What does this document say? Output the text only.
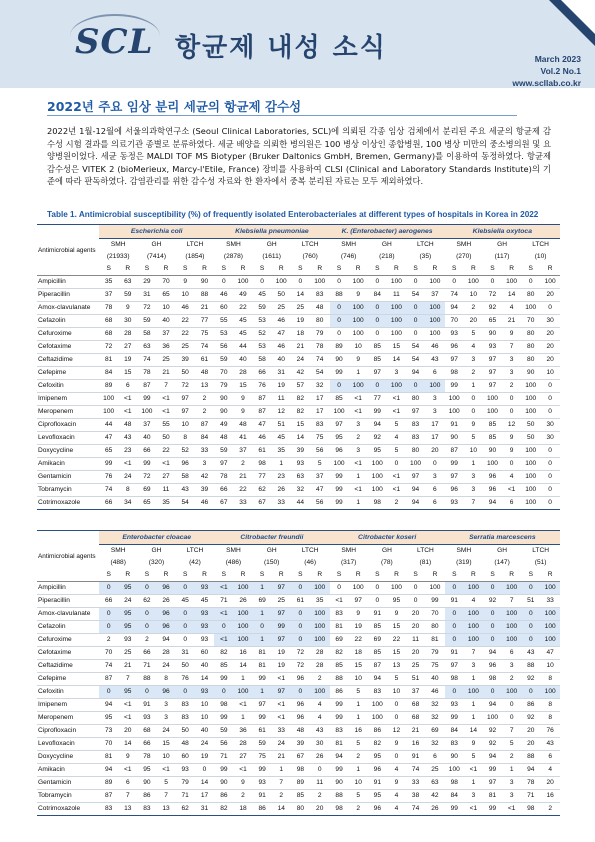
SCL 항균제 내성 소식	March 2023
Vol.2 No.1
www.scllab.co.kr
2022년 주요 임상 분리 세균의 항균제 감수성
2022년 1월-12월에 서울의과학연구소 (Seoul Clinical Laboratories, SCL)에 의뢰된 각종 임상 검체에서 분리된 주요 세균의 항균제 감수성 시험 결과를 의료기관 종별로 분류하였다. 세균 배양을 의뢰한 병의원은 100 병상 이상인 종합병원, 100 병상 미만의 중소병의원 및 요양병원이었다. 세균 동정은 MALDI TOF MS Biotyper (Bruker Daltonics GmbH, Bremen, Germany)를 이용하여 동정하였다. 항균제 감수성은 VITEK 2 (bioMerieux, Marcy-l'Etile, France) 장비를 사용하여 CLSI (Clinical and Laboratory Standards Institute)의 기준에 따라 판독하였다. 감염관리를 위한 감수성 자료와 한 환자에서 중복 분리된 자료는 모두 제외하였다.
Table 1. Antimicrobial susceptibility (%) of frequently isolated Enterobacteriales at different types of hospitals in Korea in 2022
Antimicrobial agents	Escherichia coli						Klebsiella pneumoniae						K. (Enterobacter) aerogenes						Klebsiella oxytoca					
	SMH		GH		LTCH		SMH		GH		LTCH		SMH		GH		LTCH		SMH		GH		LTCH	
	(21933)		(7414)		(1854)		(2878)		(1611)		(760)		(746)		(218)		(35)		(270)		(117)		(10)	
	S	R	S	R	S	R	S	R	S	R	S	R	S	R	S	R	S	R	S	R	S	R	S	R
Ampicillin	35	63	29	70	9	90	0	100	0	100	0	100	0	100	0	100	0	100	0	100	0	100	0	100
Piperacillin	37	59	31	65	10	88	46	49	45	50	14	83	88	9	84	11	54	37	74	10	72	14	80	20
Amox-clavulanate	78	9	72	10	46	21	60	22	59	25	25	48	0	100	0	100	0	100	94	2	92	4	100	0
Cefazolin	68	30	59	40	22	77	55	45	53	46	19	80	0	100	0	100	0	100	70	20	65	21	70	30
Cefuroxime	68	28	58	37	22	75	53	45	52	47	18	79	0	100	0	100	0	100	93	5	90	9	80	20
Cefotaxime	72	27	63	36	25	74	56	44	53	46	21	78	89	10	85	15	54	46	96	4	93	7	80	20
Ceftazidime	81	19	74	25	39	61	59	40	58	40	24	74	90	9	85	14	54	43	97	3	97	3	80	20
Cefepime	84	15	78	21	50	48	70	28	66	31	42	54	99	1	97	3	94	6	98	2	97	3	90	10
Cefoxitin	89	6	87	7	72	13	79	15	76	19	57	32	0	100	0	100	0	100	99	1	97	2	100	0
Imipenem	100	<1	99	<1	97	2	90	9	87	11	82	17	85	<1	77	<1	80	3	100	0	100	0	100	0
Meropenem	100	<1	100	<1	97	2	90	9	87	12	82	17	100	<1	99	<1	97	3	100	0	100	0	100	0
Ciprofloxacin	44	48	37	55	10	87	49	48	47	51	15	83	97	3	94	5	83	17	91	9	85	12	50	30
Levofloxacin	47	43	40	50	8	84	48	41	46	45	14	75	95	2	92	4	83	17	90	5	85	9	50	30
Doxycycline	65	23	66	22	52	33	59	37	61	35	39	56	96	3	95	5	80	20	87	10	90	9	100	0
Amikacin	99	<1	99	<1	96	3	97	2	98	1	93	5	100	<1	100	0	100	0	99	1	100	0	100	0
Gentamicin	76	24	72	27	58	42	78	21	77	23	63	37	99	1	100	<1	97	3	97	3	96	4	100	0
Tobramycin	74	8	69	11	43	39	66	22	62	26	32	47	99	<1	100	<1	94	6	96	3	96	<1	100	0
Cotrimoxazole	66	34	65	35	54	46	67	33	67	33	44	56	99	1	98	2	94	6	93	7	94	6	100	0
Antimicrobial agents	Enterobacter cloacae						Citrobacter freundii						Citrobacter koseri						Serratia marcescens					
	SMH		GH		LTCH		SMH		GH		LTCH		SMH		GH		LTCH		SMH		GH		LTCH	
	(488)		(320)		(42)		(486)		(150)		(46)		(317)		(78)		(81)		(319)		(147)		(51)	
	S	R	S	R	S	R	S	R	S	R	S	R	S	R	S	R	S	R	S	R	S	R	S	R
Ampicillin	0	95	0	96	0	93	<1	100	1	97	0	100	0	100	0	100	0	100	0	100	0	100	0	100
Piperacillin	66	24	62	26	45	45	71	26	69	25	61	35	<1	97	0	95	0	99	91	4	92	7	51	33
Amox-clavulanate	0	95	0	96	0	93	<1	100	1	97	0	100	83	9	91	9	20	70	0	100	0	100	0	100
Cefazolin	0	95	0	96	0	93	0	100	0	99	0	100	81	19	85	15	20	80	0	100	0	100	0	100
Cefuroxime	2	93	2	94	0	93	<1	100	1	97	0	100	69	22	69	22	11	81	0	100	0	100	0	100
Cefotaxime	70	25	66	28	31	60	82	16	81	19	72	28	82	18	85	15	20	79	91	7	94	6	43	47
Ceftazidime	74	21	71	24	50	40	85	14	81	19	72	28	85	15	87	13	25	75	97	3	96	3	88	10
Cefepime	87	7	88	8	76	14	99	1	99	<1	96	2	88	10	94	5	51	40	98	1	98	2	92	8
Cefoxitin	0	95	0	96	0	93	0	100	1	97	0	100	86	5	83	10	37	46	0	100	0	100	0	100
Imipenem	94	<1	91	3	83	10	98	<1	97	<1	96	4	99	1	100	0	68	32	93	1	94	0	86	8
Meropenem	95	<1	93	3	83	10	99	1	99	<1	96	4	99	1	100	0	68	32	99	1	100	0	92	8
Ciprofloxacin	73	20	68	24	50	40	59	36	61	33	48	43	83	16	86	12	21	69	84	14	92	7	20	76
Levofloxacin	70	14	66	15	48	24	56	28	59	24	39	30	81	5	82	9	16	32	83	9	92	5	20	43
Doxycycline	81	9	78	10	60	19	71	27	75	21	67	26	94	2	95	0	91	6	90	5	94	2	88	6
Amikacin	94	<1	95	<1	93	0	99	<1	99	1	98	0	99	1	96	4	74	25	100	<1	99	1	94	4
Gentamicin	89	6	90	5	79	14	90	9	93	7	89	11	90	10	91	9	33	63	98	1	97	3	78	20
Tobramycin	87	7	86	7	71	17	86	2	91	2	85	2	88	5	95	4	38	42	84	3	81	3	71	16
Cotrimoxazole	83	13	83	13	62	31	82	18	86	14	80	20	98	2	96	4	74	26	99	<1	99	<1	98	2
